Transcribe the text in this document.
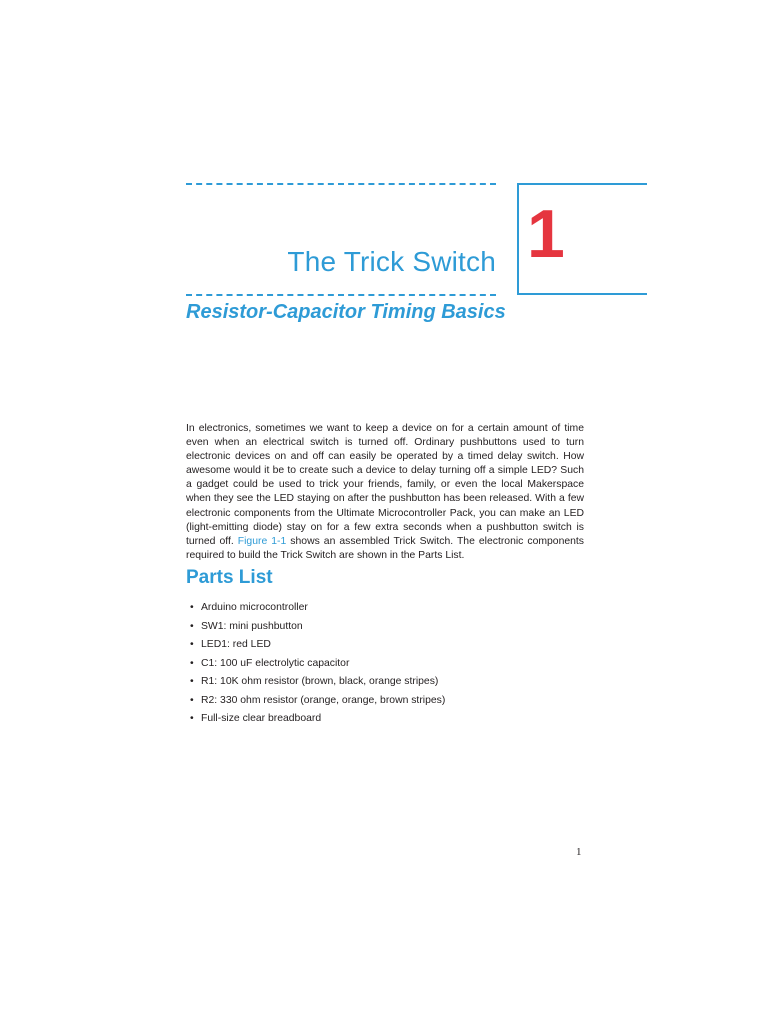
The Trick Switch 1
Resistor-Capacitor Timing Basics

In electronics, sometimes we want to keep a device on for a certain amount of time even when an electrical switch is turned off. Ordinary pushbuttons used to turn electronic devices on and off can easily be operated by a timed delay switch. How awesome would it be to create such a device to delay turning off a simple LED? Such a gadget could be used to trick your friends, family, or even the local Makerspace when they see the LED staying on after the pushbutton has been released. With a few electronic components from the Ultimate Microcontroller Pack, you can make an LED (light-emitting diode) stay on for a few extra seconds when a pushbutton switch is turned off. Figure 1-1 shows an assembled Trick Switch. The electronic components required to build the Trick Switch are shown in the Parts List.

Parts List
• Arduino microcontroller
• SW1: mini pushbutton
• LED1: red LED
• C1: 100 uF electrolytic capacitor
• R1: 10K ohm resistor (brown, black, orange stripes)
• R2: 330 ohm resistor (orange, orange, brown stripes)
• Full-size clear breadboard
1
